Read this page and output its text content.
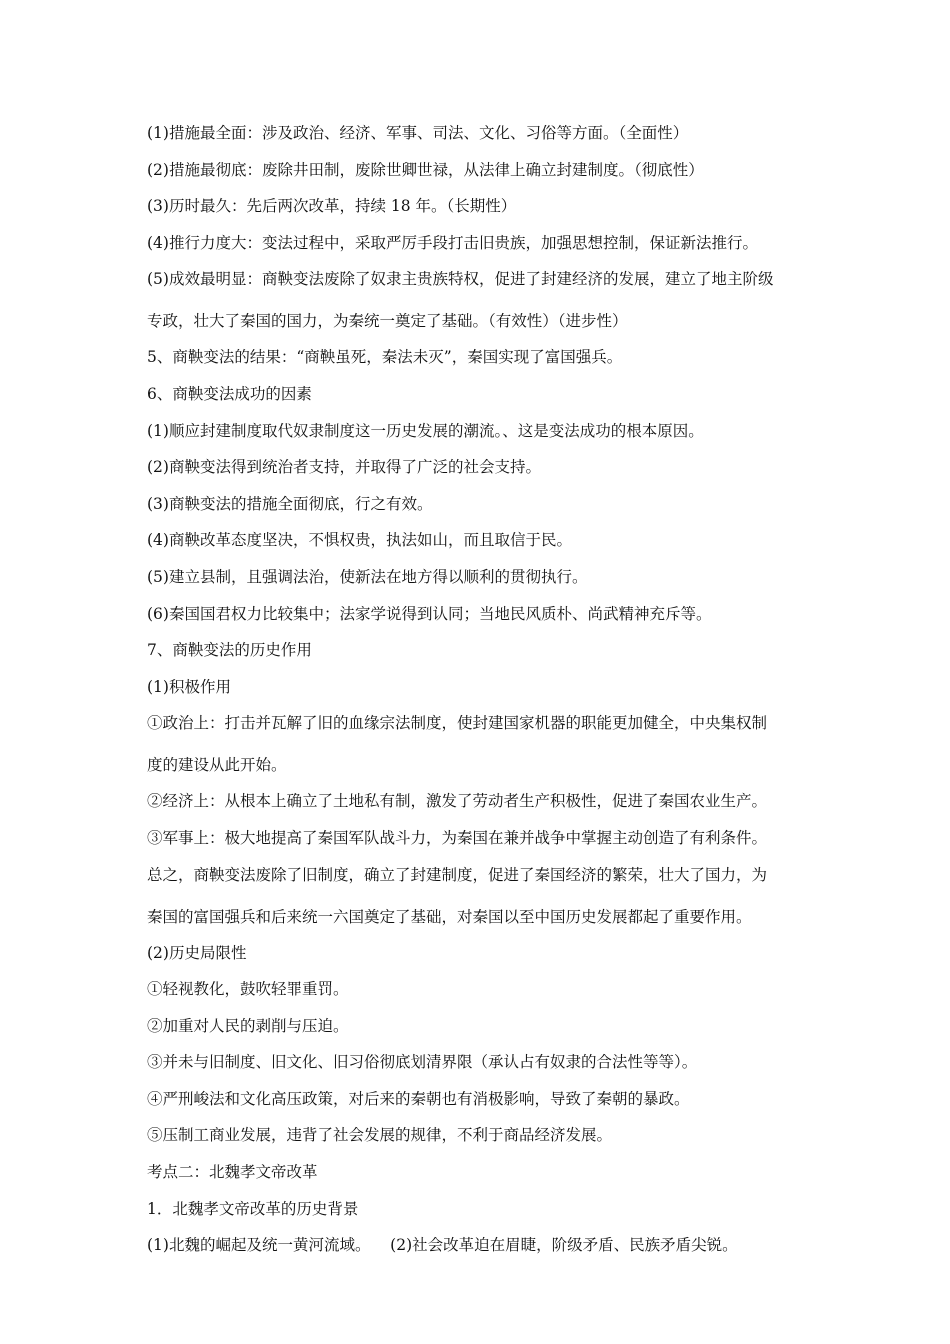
(1)措施最全面：涉及政治、经济、军事、司法、文化、习俗等方面。（全面性）
(2)措施最彻底：废除井田制，废除世卿世禄，从法律上确立封建制度。（彻底性）
(3)历时最久：先后两次改革，持续 18 年。（长期性）
(4)推行力度大：变法过程中，采取严厉手段打击旧贵族，加强思想控制，保证新法推行。
(5)成效最明显：商鞅变法废除了奴隶主贵族特权，促进了封建经济的发展，建立了地主阶级
专政，壮大了秦国的国力，为秦统一奠定了基础。（有效性）（进步性）
5、商鞅变法的结果：“商鞅虽死，秦法未灭”，秦国实现了富国强兵。
6、商鞅变法成功的因素
(1)顺应封建制度取代奴隶制度这一历史发展的潮流。、这是变法成功的根本原因。
(2)商鞅变法得到统治者支持，并取得了广泛的社会支持。
(3)商鞅变法的措施全面彻底，行之有效。
(4)商鞅改革态度坚决，不惧权贵，执法如山，而且取信于民。
(5)建立县制，且强调法治，使新法在地方得以顺利的贯彻执行。
(6)秦国国君权力比较集中；法家学说得到认同；当地民风质朴、尚武精神充斥等。
7、商鞅变法的历史作用
(1)积极作用
①政治上：打击并瓦解了旧的血缘宗法制度，使封建国家机器的职能更加健全，中央集权制
度的建设从此开始。
②经济上：从根本上确立了土地私有制，激发了劳动者生产积极性，促进了秦国农业生产。
③军事上：极大地提高了秦国军队战斗力，为秦国在兼并战争中掌握主动创造了有利条件。
总之，商鞅变法废除了旧制度，确立了封建制度，促进了秦国经济的繁荣，壮大了国力，为
秦国的富国强兵和后来统一六国奠定了基础，对秦国以至中国历史发展都起了重要作用。
(2)历史局限性
①轻视教化，鼓吹轻罪重罚。
②加重对人民的剥削与压迫。
③并未与旧制度、旧文化、旧习俗彻底划清界限（承认占有奴隶的合法性等等）。
④严刑峻法和文化高压政策，对后来的秦朝也有消极影响，导致了秦朝的暴政。
⑤压制工商业发展，违背了社会发展的规律，不利于商品经济发展。
考点二：北魏孝文帝改革
1．北魏孝文帝改革的历史背景
(1)北魏的崛起及统一黄河流域。    (2)社会改革迫在眉睫，阶级矛盾、民族矛盾尖锐。
